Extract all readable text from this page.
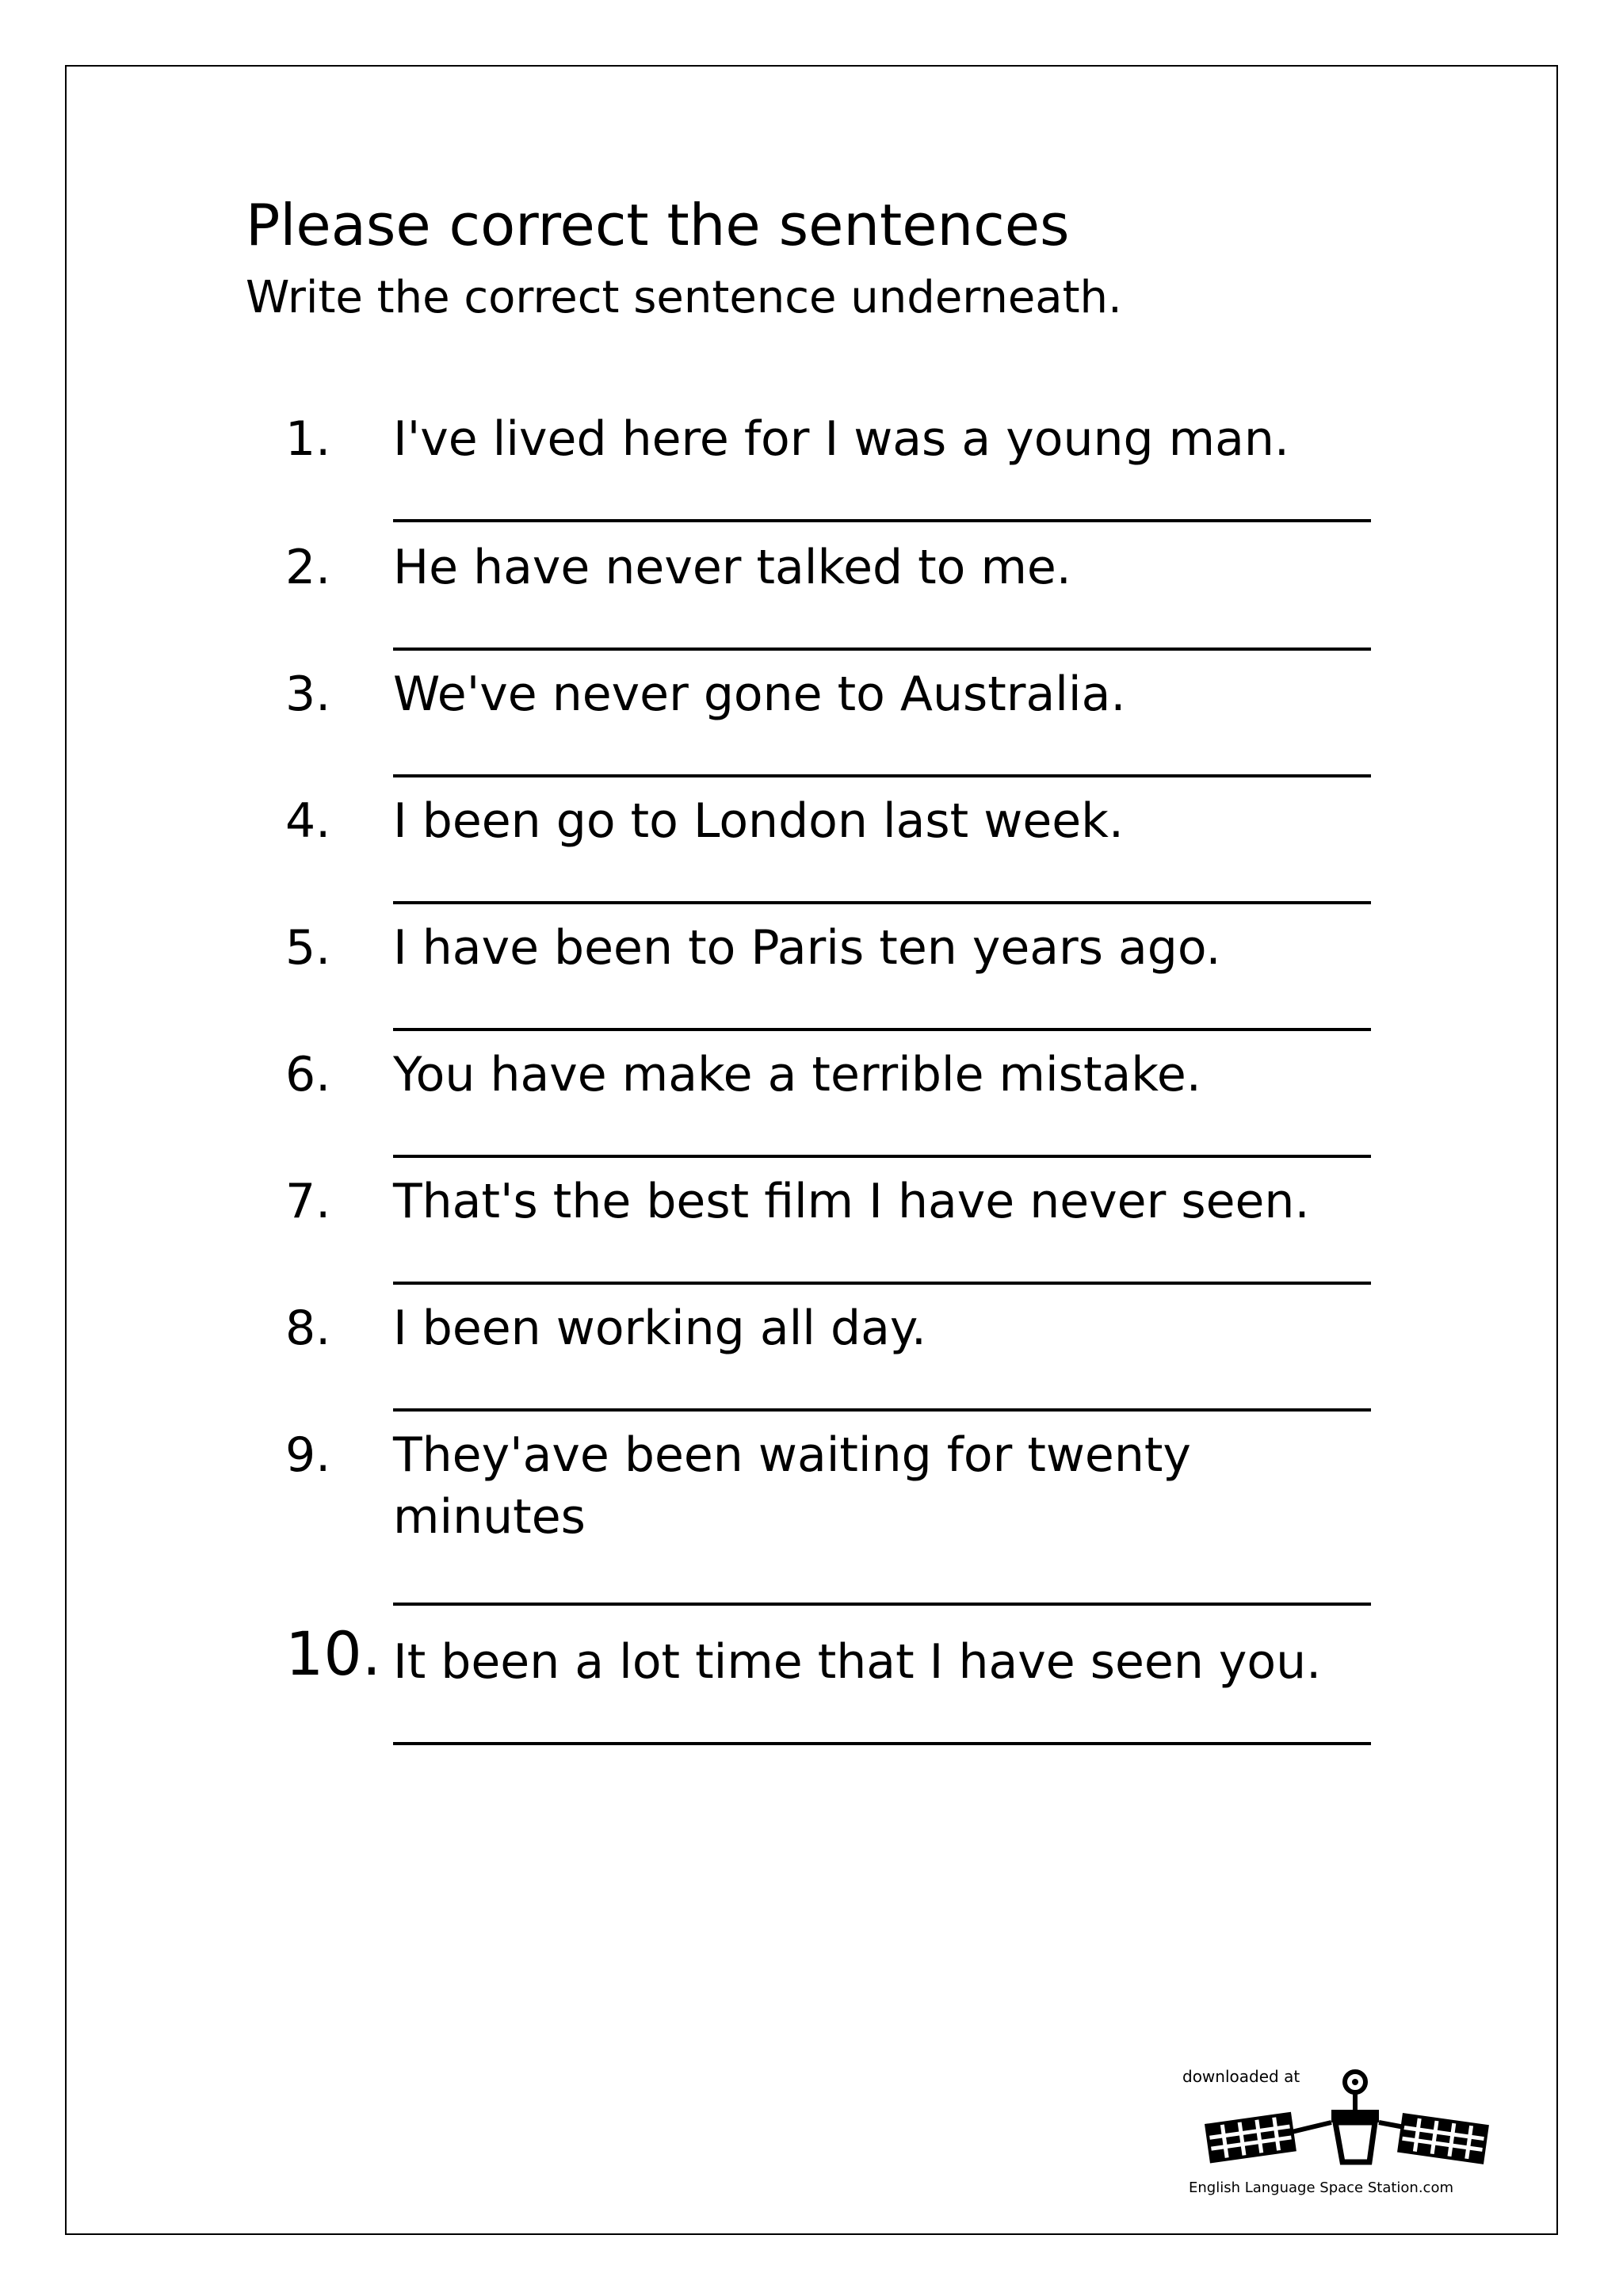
Please correct the sentences
Write the correct sentence underneath.
1. I've lived here for I was a young man.
2. He have never talked to me.
3. We've never gone to Australia.
4. I been go to London last week.
5. I have been to Paris ten years ago.
6. You have make a terrible mistake.
7. That's the best film I have never seen.
8. I been working all day.
9. They'ave been waiting for twenty minutes
10. It been a lot time that I have seen you.
downloaded at
English Language Space Station.com
